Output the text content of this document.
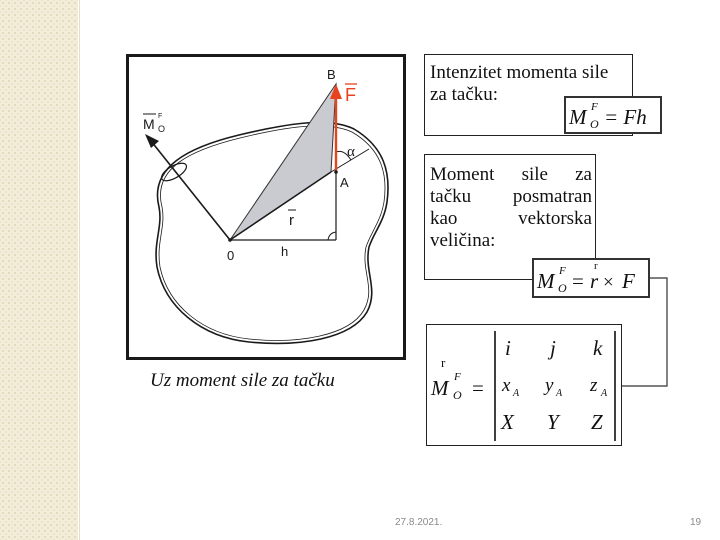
B
F
M F
O
A
α
r
h
0
Uz moment sile za tačku
Intenzitet momenta sile za tačku:
M F
O = Fh
Moment sile za
tačku posmatran
kao vektorska
veličina:
M F
O =
r
r × F
r
M F
O =
i j k
x A y A z A
X Y Z
27.8.2021.	19
